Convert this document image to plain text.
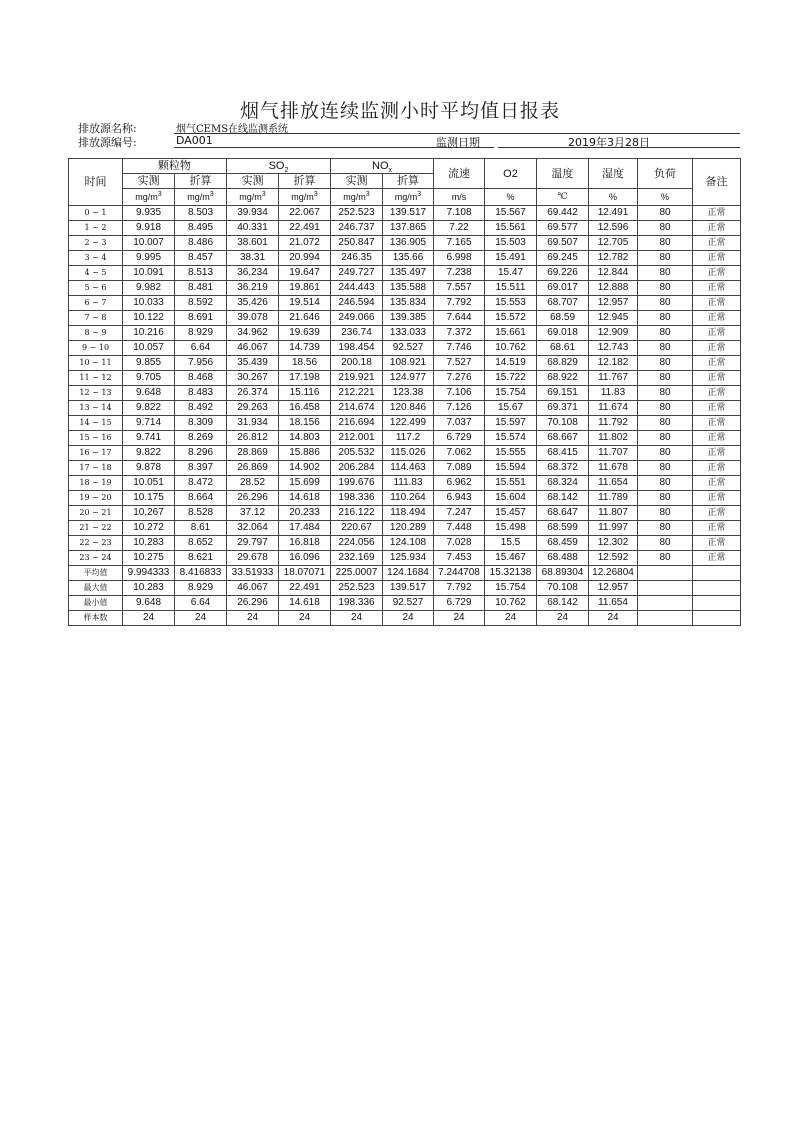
烟气排放连续监测小时平均值日报表
排放源名称:	烟气CEMS在线监测系统
排放源编号:	DA001	监测日期	2019年3月28日
时间	颗粒物		$SO_2$		$NO_x$		流速	O2	温度	湿度	负荷	备注
	实测	折算	实测	折算	实测	折算						
	$mg/m^3$	$mg/m^3$	$mg/m^3$	$mg/m^3$	$mg/m^3$	$mg/m^3$	m/s	%	℃	%	%	
0 ~ 1	9.935	8.503	39.934	22.067	252.523	139.517	7.108	15.567	69.442	12.491	80	正常
1 ~ 2	9.918	8.495	40.331	22.491	246.737	137.865	7.22	15.561	69.577	12.596	80	正常
2 ~ 3	10.007	8.486	38.601	21.072	250.847	136.905	7.165	15.503	69.507	12.705	80	正常
3 ~ 4	9.995	8.457	38.31	20.994	246.35	135.66	6.998	15.491	69.245	12.782	80	正常
4 ~ 5	10.091	8.513	36.234	19.647	249.727	135.497	7.238	15.47	69.226	12.844	80	正常
5 ~ 6	9.982	8.481	36.219	19.861	244.443	135.588	7.557	15.511	69.017	12.888	80	正常
6 ~ 7	10.033	8.592	35.426	19.514	246.594	135.834	7.792	15.553	68.707	12.957	80	正常
7 ~ 8	10.122	8.691	39.078	21.646	249.066	139.385	7.644	15.572	68.59	12.945	80	正常
8 ~ 9	10.216	8.929	34.962	19.639	236.74	133.033	7.372	15.661	69.018	12.909	80	正常
9 ~ 10	10.057	6.64	46.067	14.739	198.454	92.527	7.746	10.762	68.61	12.743	80	正常
10 ~ 11	9.855	7.956	35.439	18.56	200.18	108.921	7.527	14.519	68.829	12.182	80	正常
11 ~ 12	9.705	8.468	30.267	17.198	219.921	124.977	7.276	15.722	68.922	11.767	80	正常
12 ~ 13	9.648	8.483	26.374	15.116	212.221	123.38	7.106	15.754	69.151	11.83	80	正常
13 ~ 14	9.822	8.492	29.263	16.458	214.674	120.846	7.126	15.67	69.371	11.674	80	正常
14 ~ 15	9.714	8.309	31.934	18.156	216.694	122.499	7.037	15.597	70.108	11.792	80	正常
15 ~ 16	9.741	8.269	26.812	14.803	212.001	117.2	6.729	15.574	68.667	11.802	80	正常
16 ~ 17	9.822	8.296	28.869	15.886	205.532	115.026	7.062	15.555	68.415	11.707	80	正常
17 ~ 18	9.878	8.397	26.869	14.902	206.284	114.463	7.089	15.594	68.372	11.678	80	正常
18 ~ 19	10.051	8.472	28.52	15.699	199.676	111.83	6.962	15.551	68.324	11.654	80	正常
19 ~ 20	10.175	8.664	26.296	14.618	198.336	110.264	6.943	15.604	68.142	11.789	80	正常
20 ~ 21	10.267	8.528	37.12	20.233	216.122	118.494	7.247	15.457	68.647	11.807	80	正常
21 ~ 22	10.272	8.61	32.064	17.484	220.67	120.289	7.448	15.498	68.599	11.997	80	正常
22 ~ 23	10.283	8.652	29.797	16.818	224.056	124.108	7.028	15.5	68.459	12.302	80	正常
23 ~ 24	10.275	8.621	29.678	16.096	232.169	125.934	7.453	15.467	68.488	12.592	80	正常
平均值	9.994333	8.416833	33.51933	18.07071	225.0007	124.1684	7.244708	15.32138	68.89304	12.26804		
最大值	10.283	8.929	46.067	22.491	252.523	139.517	7.792	15.754	70.108	12.957		
最小值	9.648	6.64	26.296	14.618	198.336	92.527	6.729	10.762	68.142	11.654		
样本数	24	24	24	24	24	24	24	24	24	24		
